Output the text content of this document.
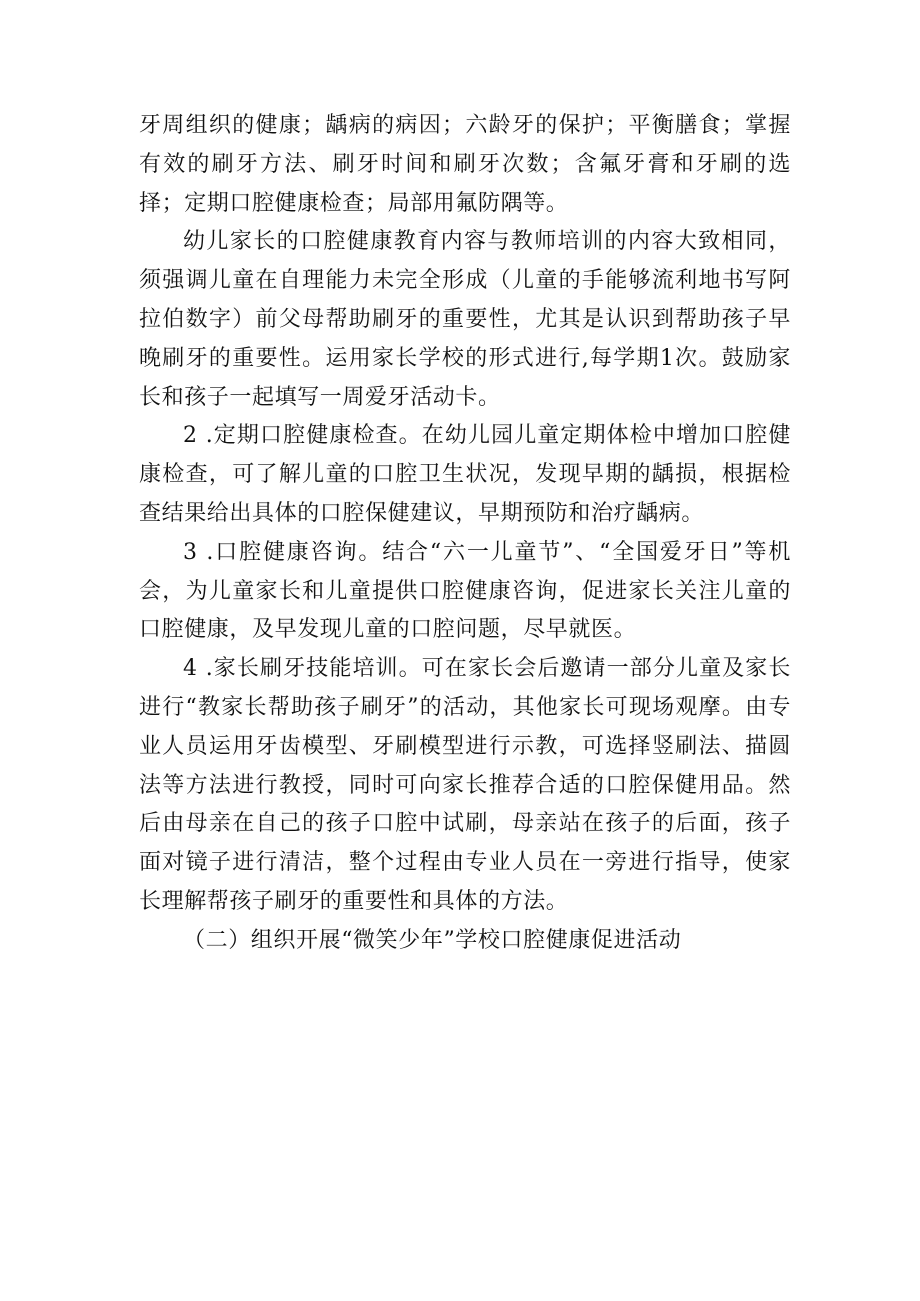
牙周组织的健康；龋病的病因；六龄牙的保护；平衡膳食；掌握有效的刷牙方法、刷牙时间和刷牙次数；含氟牙膏和牙刷的选择；定期口腔健康检查；局部用氟防隅等。

幼儿家长的口腔健康教育内容与教师培训的内容大致相同，须强调儿童在自理能力未完全形成（儿童的手能够流利地书写阿拉伯数字）前父母帮助刷牙的重要性，尤其是认识到帮助孩子早晚刷牙的重要性。运用家长学校的形式进行,每学期1次。鼓励家长和孩子一起填写一周爱牙活动卡。

2 .定期口腔健康检查。在幼儿园儿童定期体检中增加口腔健康检查，可了解儿童的口腔卫生状况，发现早期的龋损，根据检查结果给出具体的口腔保健建议，早期预防和治疗龋病。

3 .口腔健康咨询。结合“六一儿童节”、“全国爱牙日”等机会，为儿童家长和儿童提供口腔健康咨询，促进家长关注儿童的口腔健康，及早发现儿童的口腔问题，尽早就医。

4 .家长刷牙技能培训。可在家长会后邀请一部分儿童及家长进行“教家长帮助孩子刷牙”的活动，其他家长可现场观摩。由专业人员运用牙齿模型、牙刷模型进行示教，可选择竖刷法、描圆法等方法进行教授，同时可向家长推荐合适的口腔保健用品。然后由母亲在自己的孩子口腔中试刷，母亲站在孩子的后面，孩子面对镜子进行清洁，整个过程由专业人员在一旁进行指导，使家长理解帮孩子刷牙的重要性和具体的方法。

（二）组织开展“微笑少年”学校口腔健康促进活动
